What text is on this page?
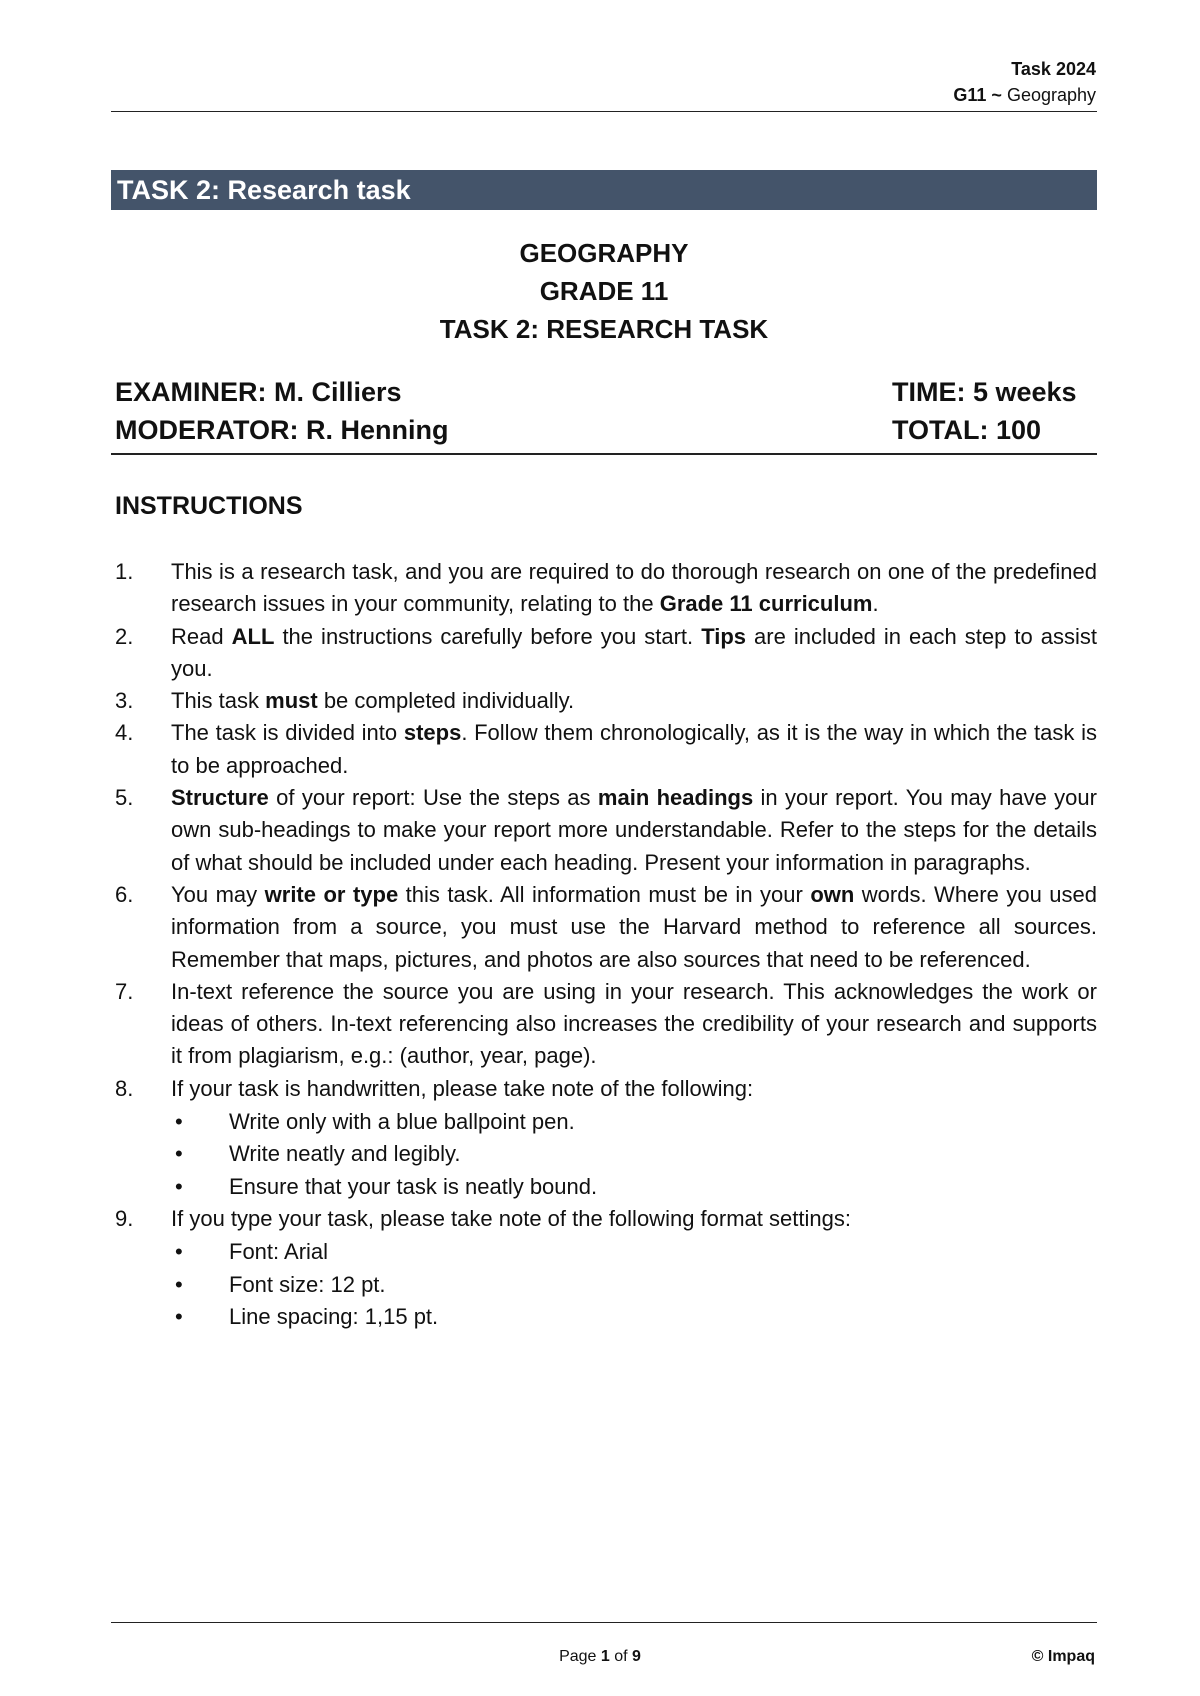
Task 2024
G11 ~ Geography
TASK 2: Research task
GEOGRAPHY
GRADE 11
TASK 2: RESEARCH TASK
EXAMINER: M. Cilliers	TIME: 5 weeks
MODERATOR: R. Henning	TOTAL: 100
INSTRUCTIONS
1. This is a research task, and you are required to do thorough research on one of the predefined research issues in your community, relating to the Grade 11 curriculum.
2. Read ALL the instructions carefully before you start. Tips are included in each step to assist you.
3. This task must be completed individually.
4. The task is divided into steps. Follow them chronologically, as it is the way in which the task is to be approached.
5. Structure of your report: Use the steps as main headings in your report. You may have your own sub-headings to make your report more understandable. Refer to the steps for the details of what should be included under each heading. Present your information in paragraphs.
6. You may write or type this task. All information must be in your own words. Where you used information from a source, you must use the Harvard method to reference all sources. Remember that maps, pictures, and photos are also sources that need to be referenced.
7. In-text reference the source you are using in your research. This acknowledges the work or ideas of others. In-text referencing also increases the credibility of your research and supports it from plagiarism, e.g.: (author, year, page).
8. If your task is handwritten, please take note of the following:
• Write only with a blue ballpoint pen.
• Write neatly and legibly.
• Ensure that your task is neatly bound.
9. If you type your task, please take note of the following format settings:
• Font: Arial
• Font size: 12 pt.
• Line spacing: 1,15 pt.
Page 1 of 9	© Impaq
